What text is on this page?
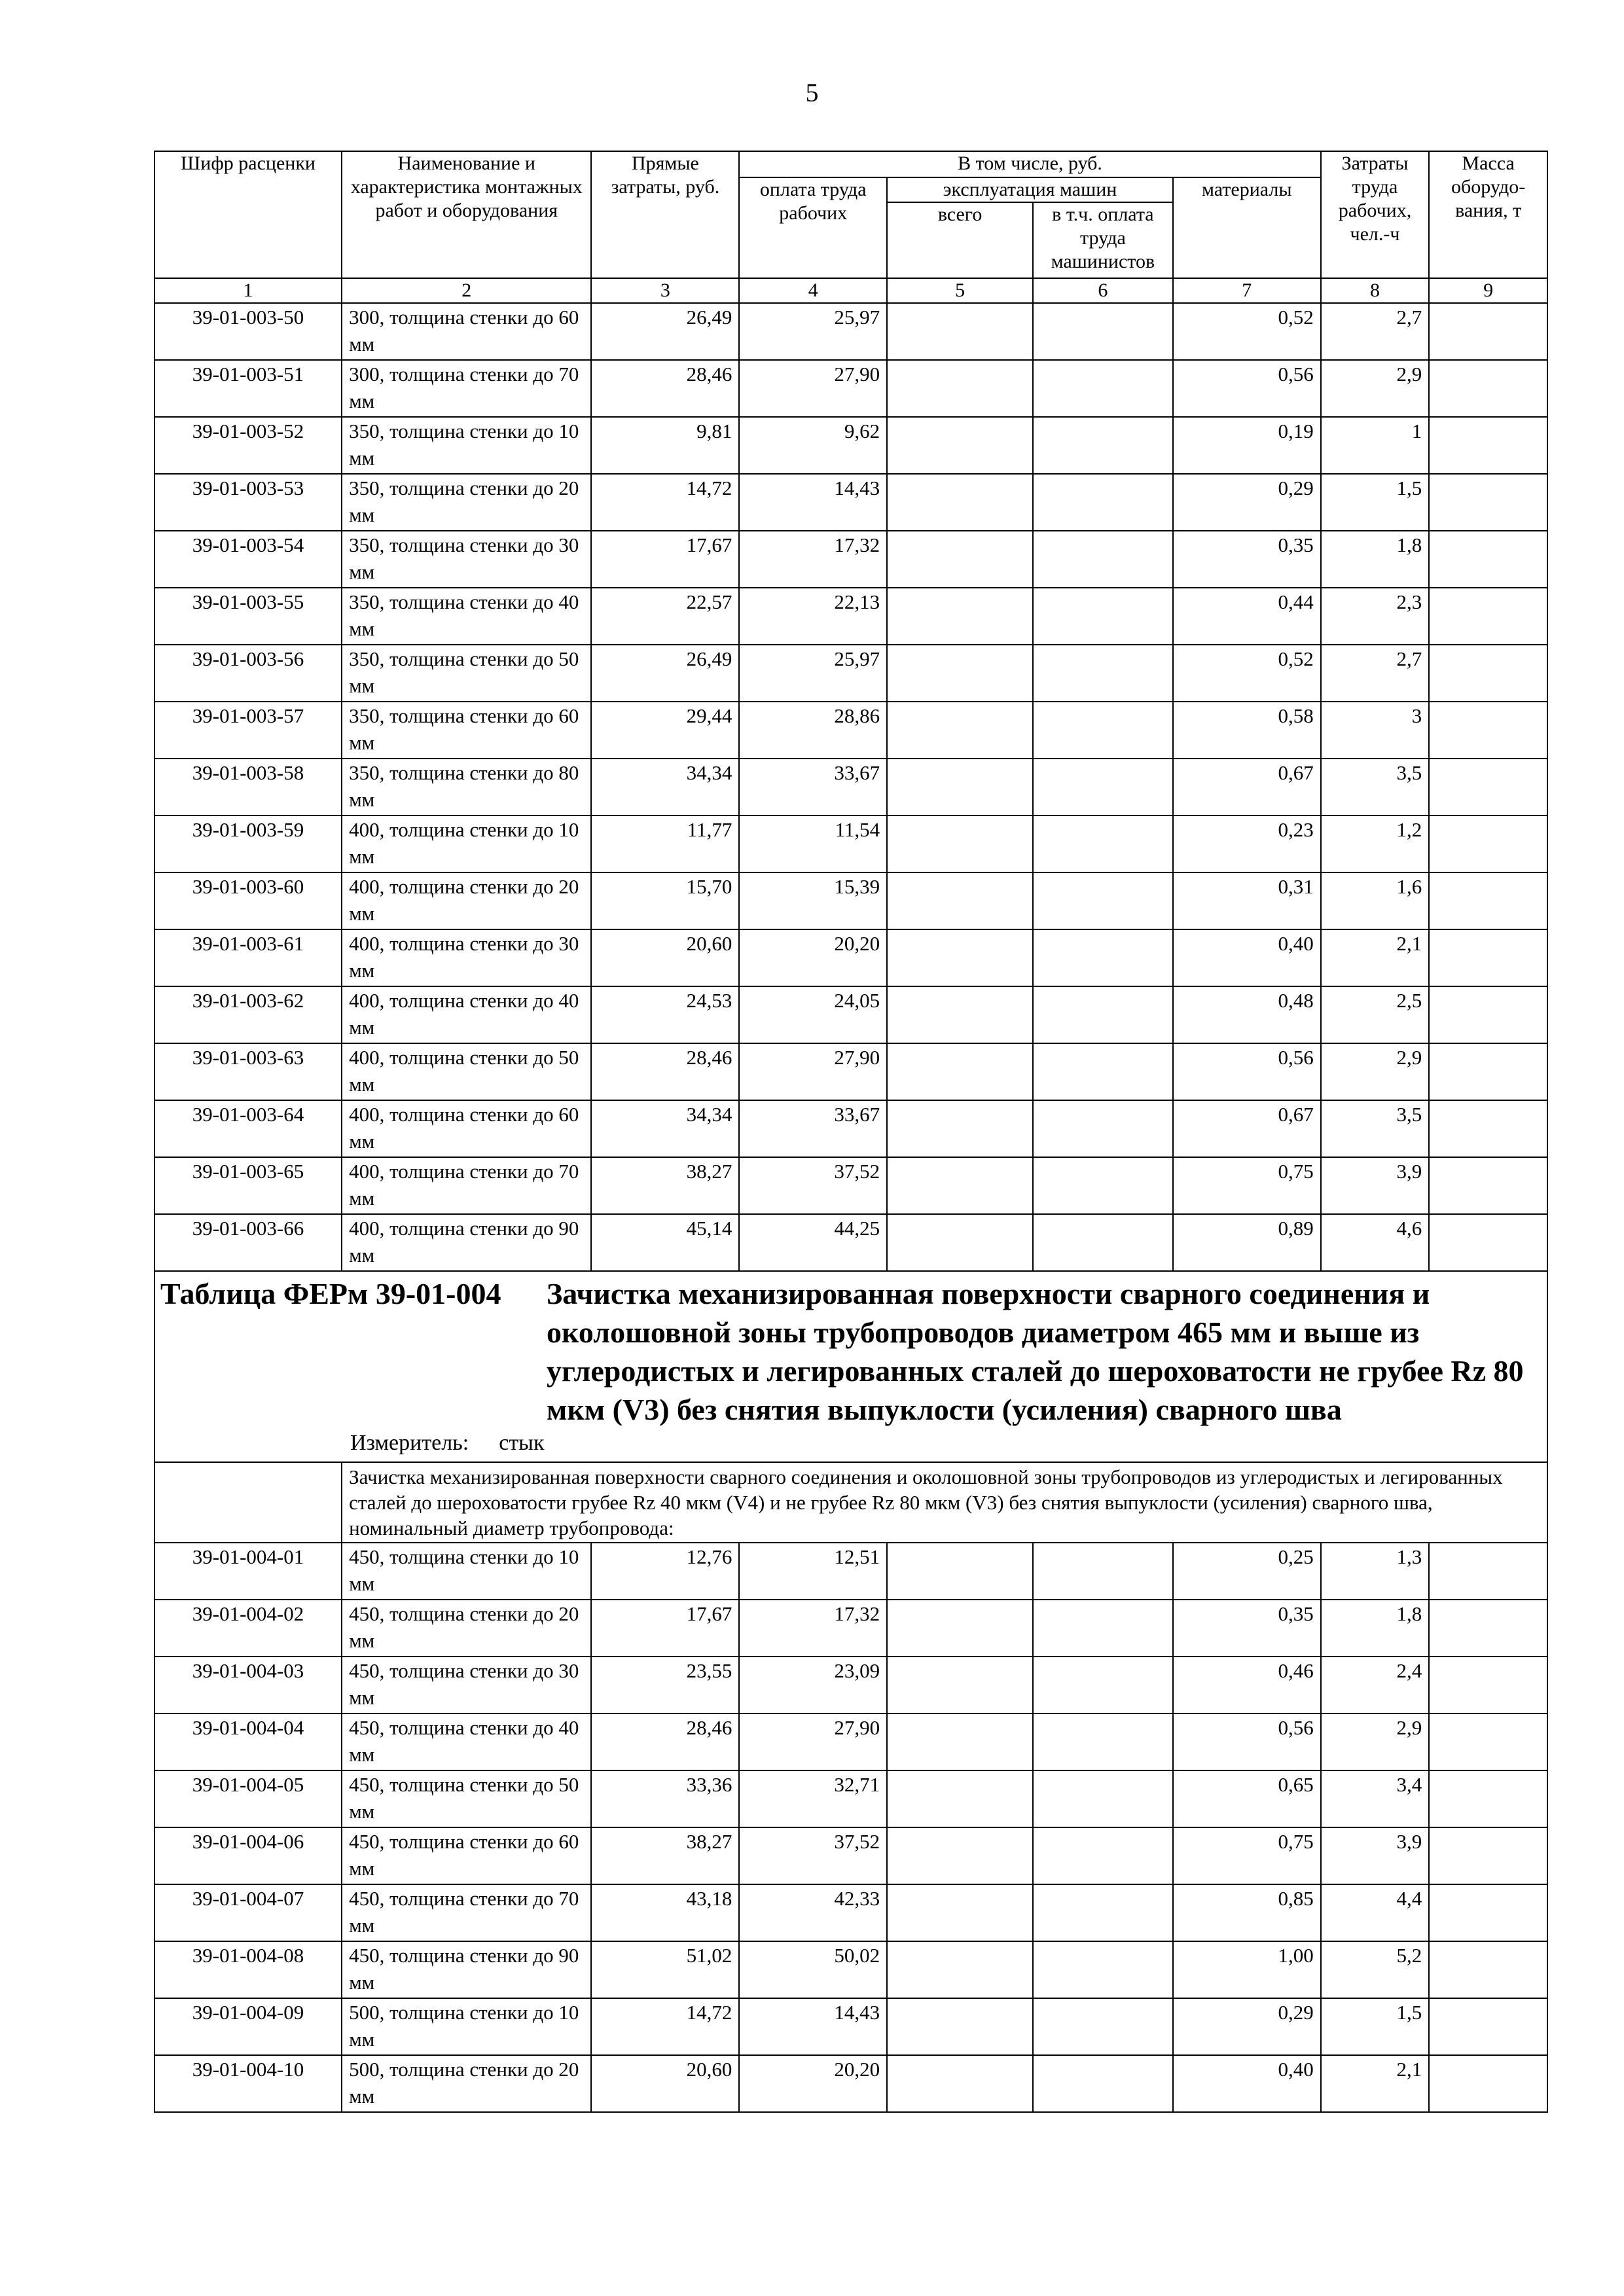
5
Шифр расценки	Наименование и характеристика монтажных работ и оборудования	Прямые затраты, руб.	В том числе, руб.				Затраты труда рабочих, чел.-ч	Масса оборудо-вания, т
			оплата труда рабочих	эксплуатация машин		материалы		
				всего	в т.ч. оплата труда машинистов			
1	2	3	4	5	6	7	8	9
39-01-003-50	300, толщина стенки до 60 мм	26,49	25,97			0,52	2,7	
39-01-003-51	300, толщина стенки до 70 мм	28,46	27,90			0,56	2,9	
39-01-003-52	350, толщина стенки до 10 мм	9,81	9,62			0,19	1	
39-01-003-53	350, толщина стенки до 20 мм	14,72	14,43			0,29	1,5	
39-01-003-54	350, толщина стенки до 30 мм	17,67	17,32			0,35	1,8	
39-01-003-55	350, толщина стенки до 40 мм	22,57	22,13			0,44	2,3	
39-01-003-56	350, толщина стенки до 50 мм	26,49	25,97			0,52	2,7	
39-01-003-57	350, толщина стенки до 60 мм	29,44	28,86			0,58	3	
39-01-003-58	350, толщина стенки до 80 мм	34,34	33,67			0,67	3,5	
39-01-003-59	400, толщина стенки до 10 мм	11,77	11,54			0,23	1,2	
39-01-003-60	400, толщина стенки до 20 мм	15,70	15,39			0,31	1,6	
39-01-003-61	400, толщина стенки до 30 мм	20,60	20,20			0,40	2,1	
39-01-003-62	400, толщина стенки до 40 мм	24,53	24,05			0,48	2,5	
39-01-003-63	400, толщина стенки до 50 мм	28,46	27,90			0,56	2,9	
39-01-003-64	400, толщина стенки до 60 мм	34,34	33,67			0,67	3,5	
39-01-003-65	400, толщина стенки до 70 мм	38,27	37,52			0,75	3,9	
39-01-003-66	400, толщина стенки до 90 мм	45,14	44,25			0,89	4,6	

Таблица ФЕРм 39-01-004 Зачистка механизированная поверхности сварного соединения и околошовной зоны трубопроводов диаметром 465 мм и выше из углеродистых и легированных сталей до шероховатости не грубее Rz 80 мкм (V3) без снятия выпуклости (усиления) сварного шва
Измеритель: стык								

	Зачистка механизированная поверхности сварного соединения и околошовной зоны трубопроводов из углеродистых и легированных сталей до шероховатости грубее Rz 40 мкм (V4) и не грубее Rz 80 мкм (V3) без снятия выпуклости (усиления) сварного шва, номинальный диаметр трубопровода:							
39-01-004-01	450, толщина стенки до 10 мм	12,76	12,51			0,25	1,3	
39-01-004-02	450, толщина стенки до 20 мм	17,67	17,32			0,35	1,8	
39-01-004-03	450, толщина стенки до 30 мм	23,55	23,09			0,46	2,4	
39-01-004-04	450, толщина стенки до 40 мм	28,46	27,90			0,56	2,9	
39-01-004-05	450, толщина стенки до 50 мм	33,36	32,71			0,65	3,4	
39-01-004-06	450, толщина стенки до 60 мм	38,27	37,52			0,75	3,9	
39-01-004-07	450, толщина стенки до 70 мм	43,18	42,33			0,85	4,4	
39-01-004-08	450, толщина стенки до 90 мм	51,02	50,02			1,00	5,2	
39-01-004-09	500, толщина стенки до 10 мм	14,72	14,43			0,29	1,5	
39-01-004-10	500, толщина стенки до 20 мм	20,60	20,20			0,40	2,1	
